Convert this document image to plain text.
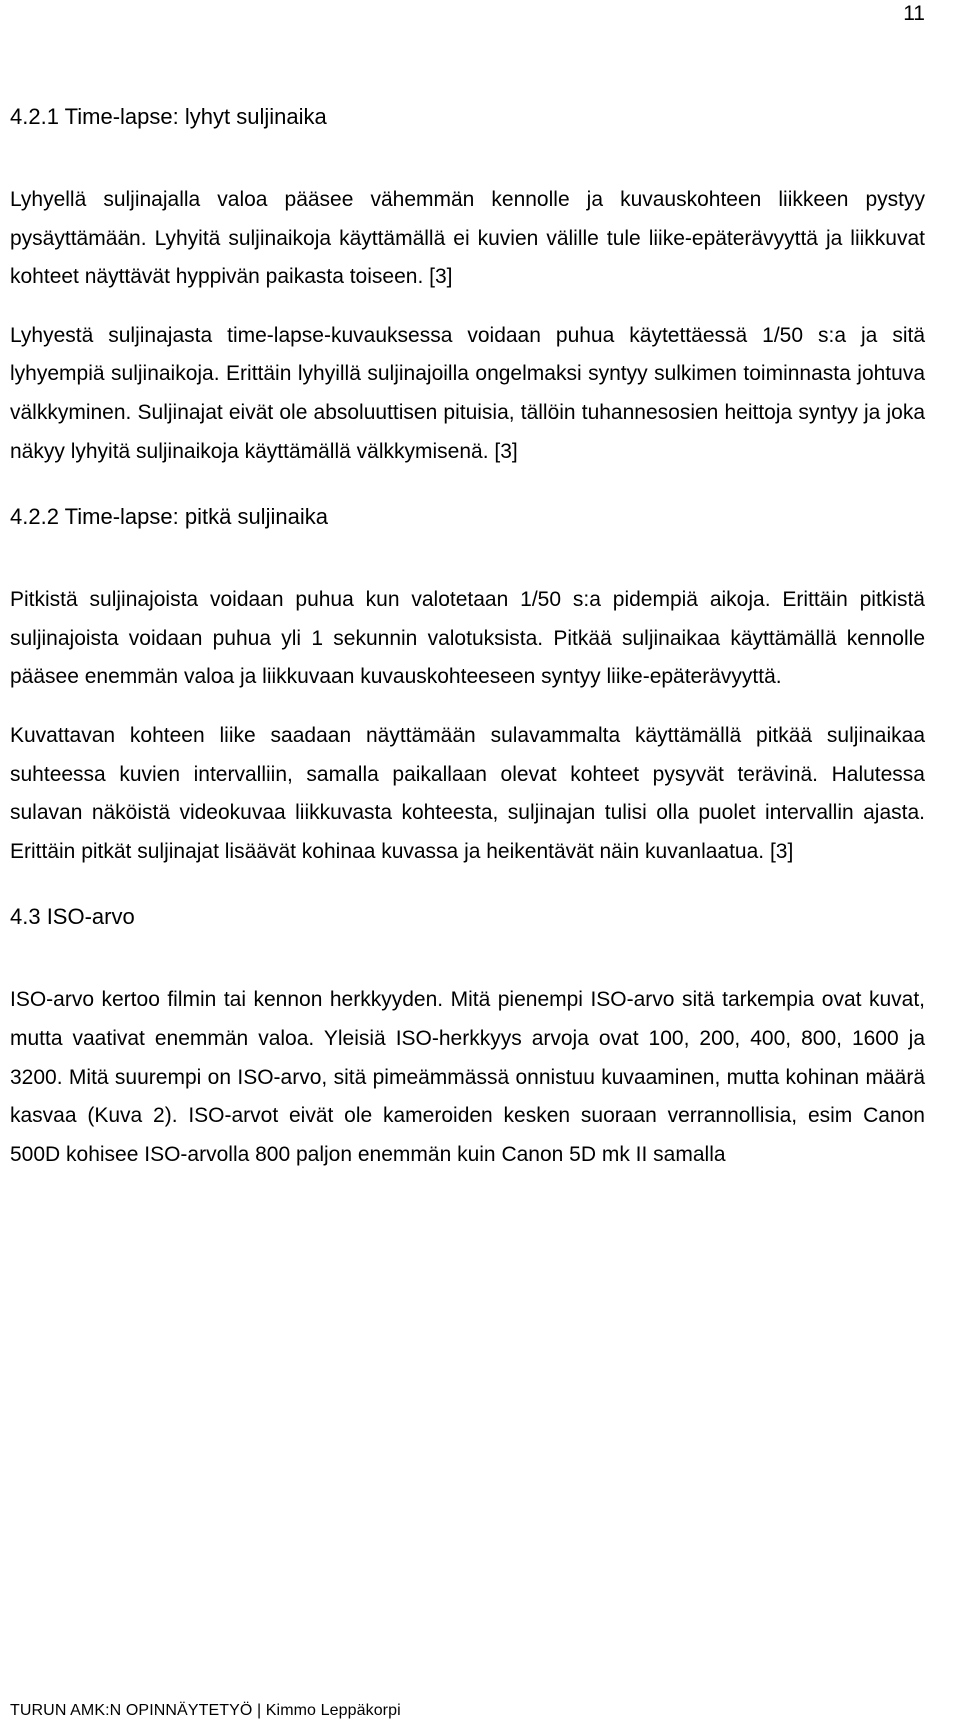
11
4.2.1 Time-lapse: lyhyt suljinaika

Lyhyellä suljinajalla valoa pääsee vähemmän kennolle ja kuvauskohteen liikkeen pystyy pysäyttämään. Lyhyitä suljinaikoja käyttämällä ei kuvien välille tule liike-epäterävyyttä ja liikkuvat kohteet näyttävät hyppivän paikasta toiseen. [3]

Lyhyestä suljinajasta time-lapse-kuvauksessa voidaan puhua käytettäessä 1/50 s:a ja sitä lyhyempiä suljinaikoja. Erittäin lyhyillä suljinajoilla ongelmaksi syntyy sulkimen toiminnasta johtuva välkkyminen. Suljinajat eivät ole absoluuttisen pituisia, tällöin tuhannesosien heittoja syntyy ja joka näkyy lyhyitä suljinaikoja käyttämällä välkkymisenä. [3]

4.2.2 Time-lapse: pitkä suljinaika

Pitkistä suljinajoista voidaan puhua kun valotetaan 1/50 s:a pidempiä aikoja. Erittäin pitkistä suljinajoista voidaan puhua yli 1 sekunnin valotuksista. Pitkää suljinaikaa käyttämällä kennolle pääsee enemmän valoa ja liikkuvaan kuvauskohteeseen syntyy liike-epäterävyyttä.

Kuvattavan kohteen liike saadaan näyttämään sulavammalta käyttämällä pitkää suljinaikaa suhteessa kuvien intervalliin, samalla paikallaan olevat kohteet pysyvät terävinä. Halutessa sulavan näköistä videokuvaa liikkuvasta kohteesta, suljinajan tulisi olla puolet intervallin ajasta. Erittäin pitkät suljinajat lisäävät kohinaa kuvassa ja heikentävät näin kuvanlaatua. [3]

4.3 ISO-arvo

ISO-arvo kertoo filmin tai kennon herkkyyden. Mitä pienempi ISO-arvo sitä tarkempia ovat kuvat, mutta vaativat enemmän valoa. Yleisiä ISO-herkkyys arvoja ovat 100, 200, 400, 800, 1600 ja 3200. Mitä suurempi on ISO-arvo, sitä pimeämmässä onnistuu kuvaaminen, mutta kohinan määrä kasvaa (Kuva 2). ISO-arvot eivät ole kameroiden kesken suoraan verrannollisia, esim Canon 500D kohisee ISO-arvolla 800 paljon enemmän kuin Canon 5D mk II samalla

TURUN AMK:N OPINNÄYTETYÖ | Kimmo Leppäkorpi
